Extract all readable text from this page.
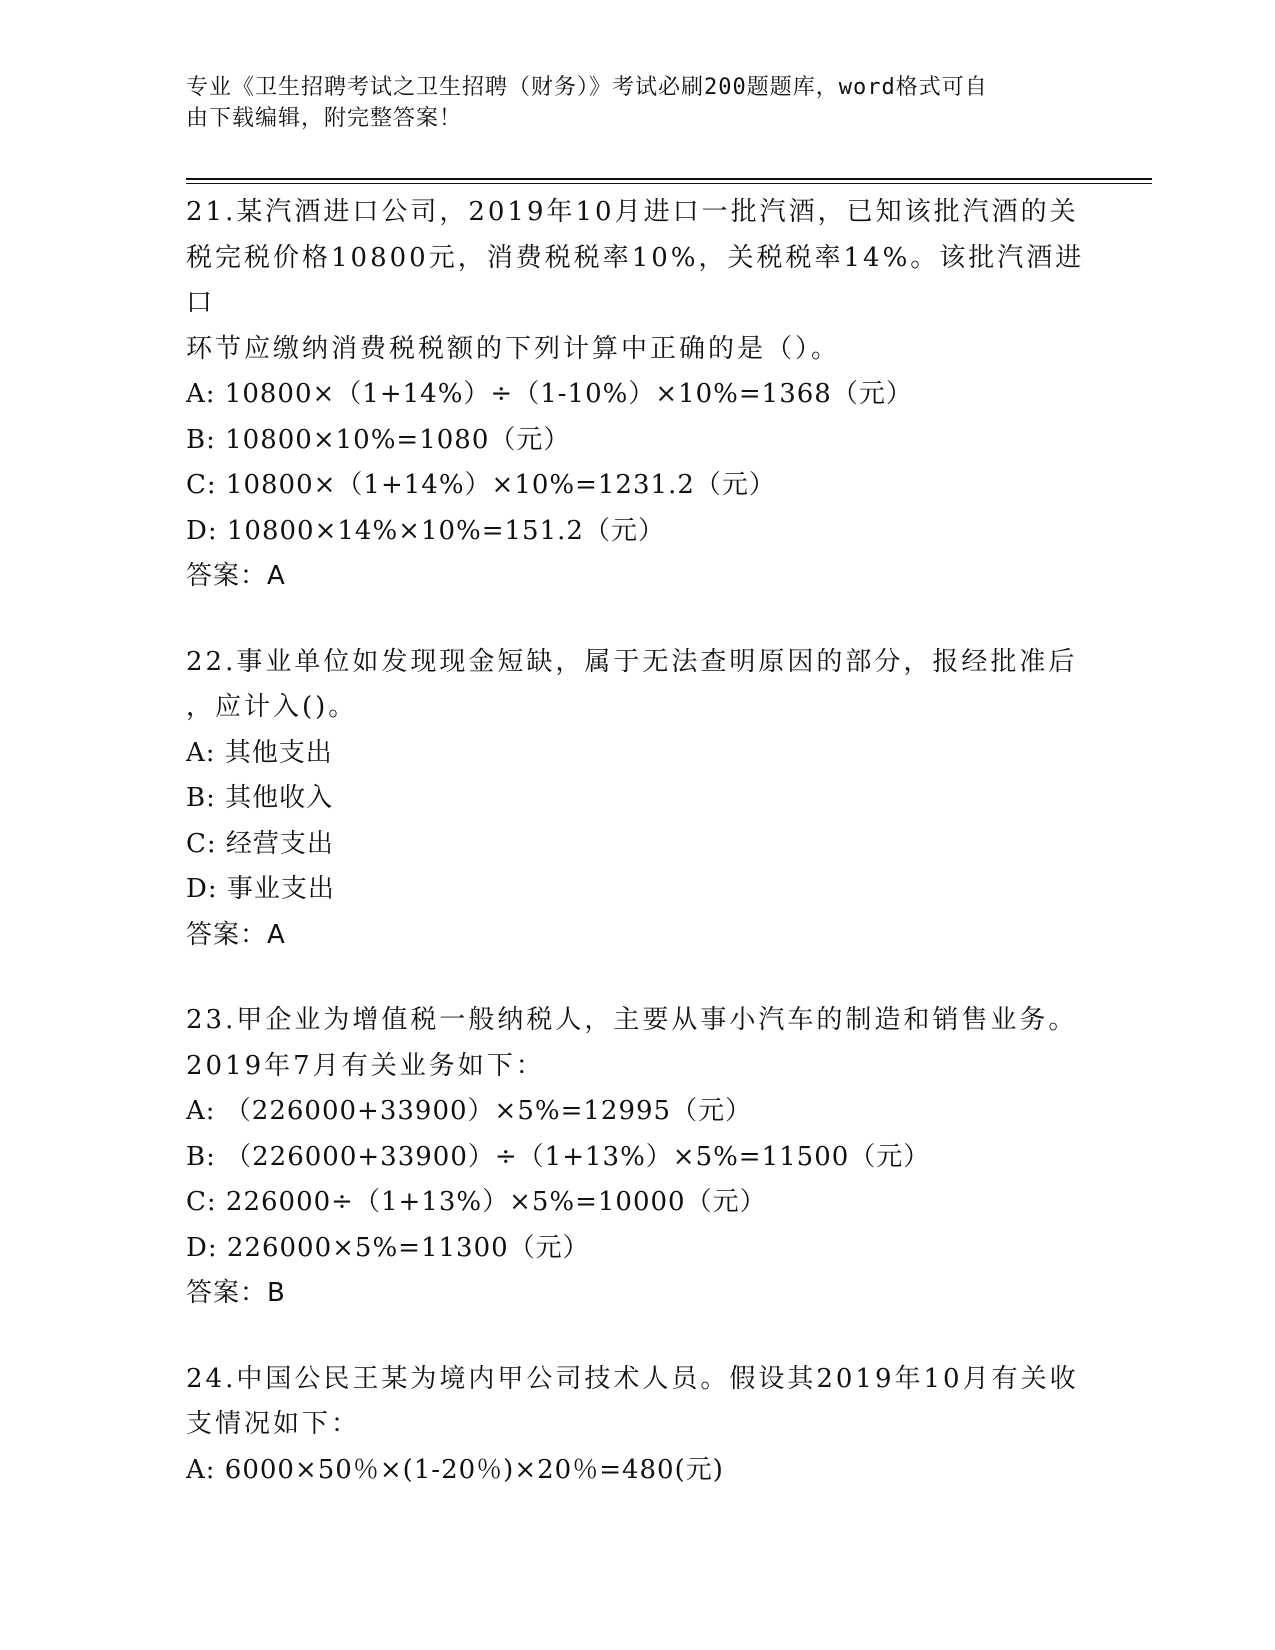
专业《卫生招聘考试之卫生招聘（财务）》考试必刷200题题库，word格式可自
由下载编辑，附完整答案！
21.某汽酒进口公司，2019年10月进口一批汽酒，已知该批汽酒的关
税完税价格10800元，消费税税率10%，关税税率14%。该批汽酒进口
环节应缴纳消费税税额的下列计算中正确的是（）。
A: 10800×（1+14%）÷（1-10%）×10%=1368（元）
B: 10800×10%=1080（元）
C: 10800×（1+14%）×10%=1231.2（元）
D: 10800×14%×10%=151.2（元）
答案：A
22.事业单位如发现现金短缺，属于无法查明原因的部分，报经批准后
，应计入()。
A: 其他支出
B: 其他收入
C: 经营支出
D: 事业支出
答案：A
23.甲企业为增值税一般纳税人，主要从事小汽车的制造和销售业务。
2019年7月有关业务如下：
A: （226000+33900）×5%=12995（元）
B: （226000+33900）÷（1+13%）×5%=11500（元）
C: 226000÷（1+13%）×5%=10000（元）
D: 226000×5%=11300（元）
答案：B
24.中国公民王某为境内甲公司技术人员。假设其2019年10月有关收
支情况如下：
A: 6000×50％×(1-20％)×20％=480(元)
